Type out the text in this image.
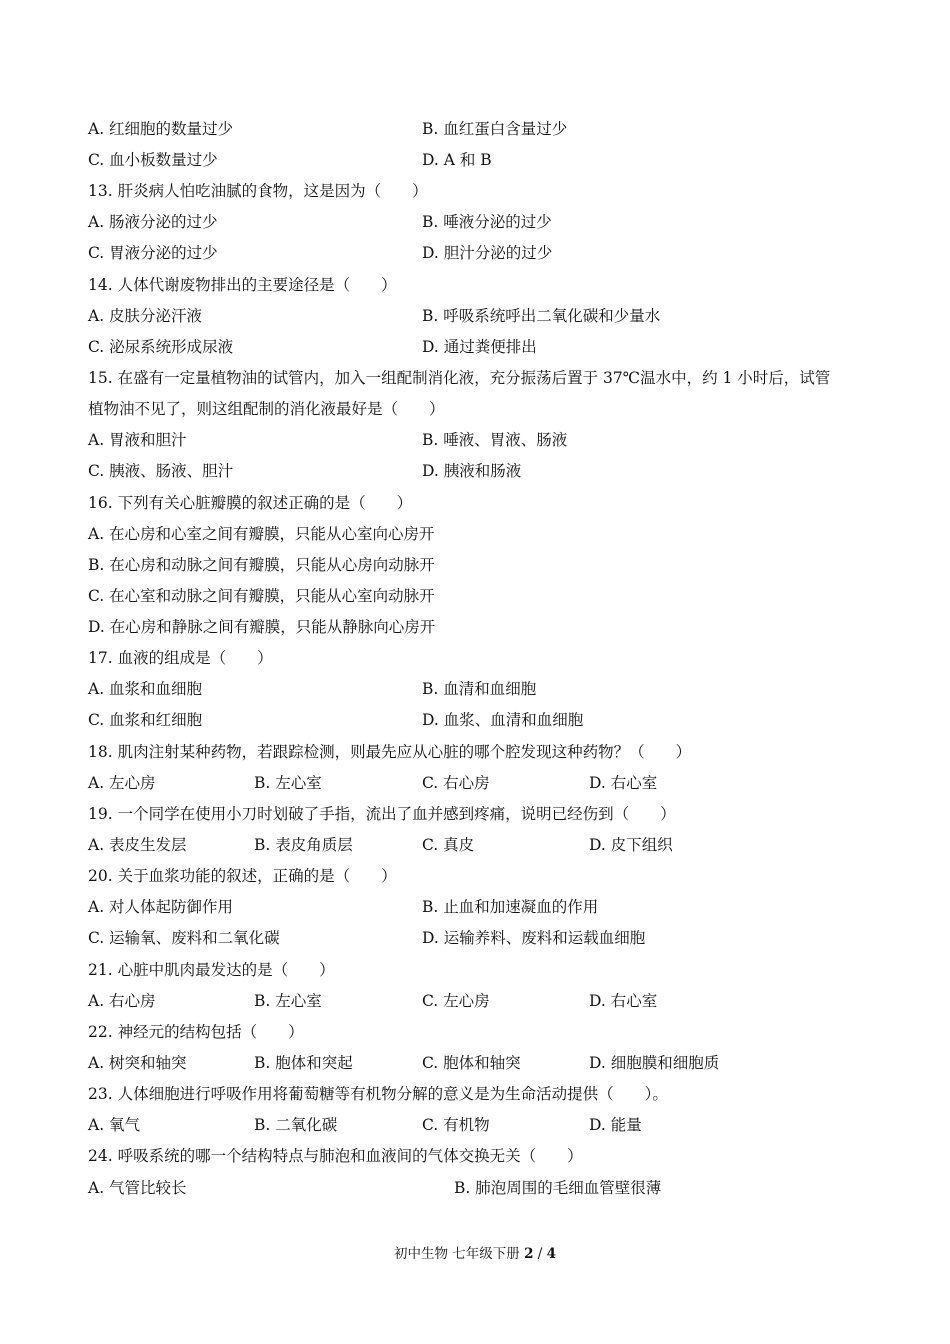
A. 红细胞的数量过少	B. 血红蛋白含量过少
C. 血小板数量过少	D. A 和 B
13. 肝炎病人怕吃油腻的食物，这是因为（　　）
A. 肠液分泌的过少	B. 唾液分泌的过少
C. 胃液分泌的过少	D. 胆汁分泌的过少
14. 人体代谢废物排出的主要途径是（　　）
A. 皮肤分泌汗液	B. 呼吸系统呼出二氧化碳和少量水
C. 泌尿系统形成尿液	D. 通过粪便排出
15. 在盛有一定量植物油的试管内，加入一组配制消化液，充分振荡后置于 37℃温水中，约 1 小时后，试管
植物油不见了，则这组配制的消化液最好是（　　）
A. 胃液和胆汁	B. 唾液、胃液、肠液
C. 胰液、肠液、胆汁	D. 胰液和肠液
16. 下列有关心脏瓣膜的叙述正确的是（　　）
A. 在心房和心室之间有瓣膜，只能从心室向心房开
B. 在心房和动脉之间有瓣膜，只能从心房向动脉开
C. 在心室和动脉之间有瓣膜，只能从心室向动脉开
D. 在心房和静脉之间有瓣膜，只能从静脉向心房开
17. 血液的组成是（　　）
A. 血浆和血细胞	B. 血清和血细胞
C. 血浆和红细胞	D. 血浆、血清和血细胞
18. 肌肉注射某种药物，若跟踪检测，则最先应从心脏的哪个腔发现这种药物？（　　）
A. 左心房	B. 左心室	C. 右心房	D. 右心室
19. 一个同学在使用小刀时划破了手指，流出了血并感到疼痛，说明已经伤到（　　）
A. 表皮生发层	B. 表皮角质层	C. 真皮	D. 皮下组织
20. 关于血浆功能的叙述，正确的是（　　）
A. 对人体起防御作用	B. 止血和加速凝血的作用
C. 运输氧、废料和二氧化碳	D. 运输养料、废料和运载血细胞
21. 心脏中肌肉最发达的是（　　）
A. 右心房	B. 左心室	C. 左心房	D. 右心室
22. 神经元的结构包括（　　）
A. 树突和轴突	B. 胞体和突起	C. 胞体和轴突	D. 细胞膜和细胞质
23. 人体细胞进行呼吸作用将葡萄糖等有机物分解的意义是为生命活动提供（　　）。
A. 氧气	B. 二氧化碳	C. 有机物	D. 能量
24. 呼吸系统的哪一个结构特点与肺泡和血液间的气体交换无关（　　）
A. 气管比较长	B. 肺泡周围的毛细血管壁很薄
初中生物 七年级下册 2 / 4
